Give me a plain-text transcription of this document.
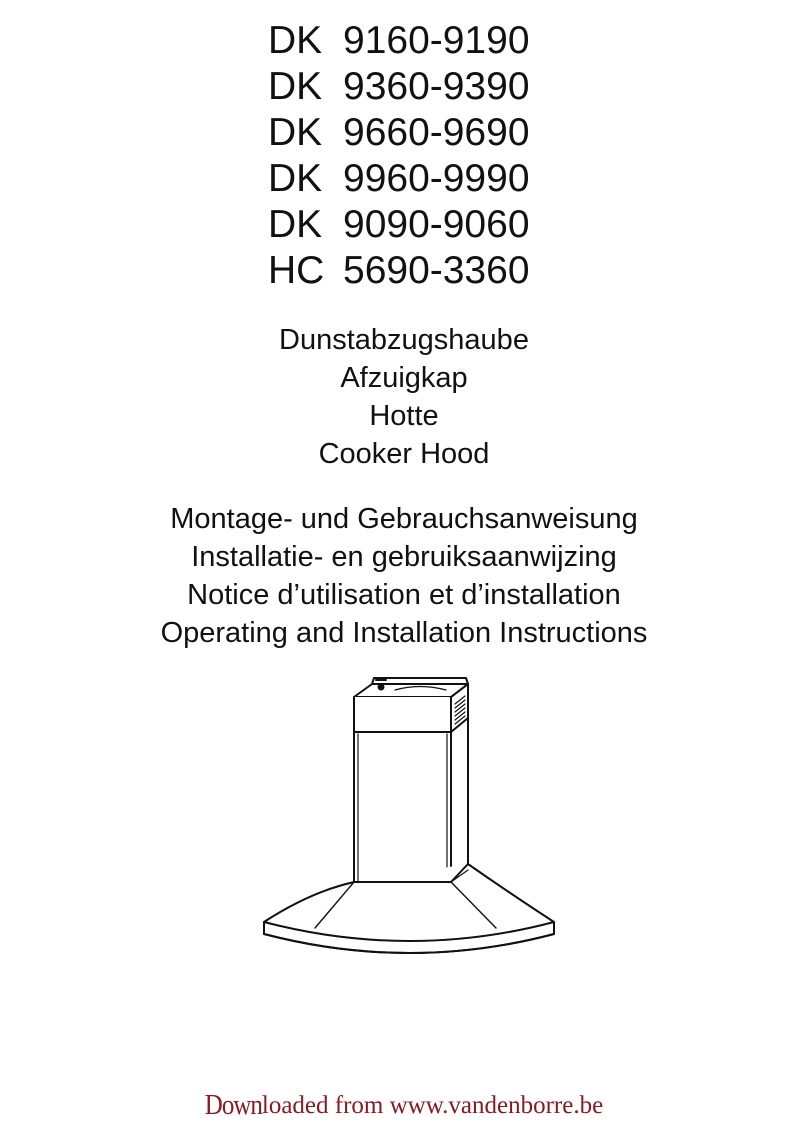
DK 9160-9190
DK 9360-9390
DK 9660-9690
DK 9960-9990
DK 9090-9060
HC 5690-3360
Dunstabzugshaube
Afzuigkap
Hotte
Cooker Hood
Montage- und Gebrauchsanweisung
Installatie- en gebruiksaanwijzing
Notice d’utilisation et d’installation
Operating and Installation Instructions
Downloaded from www.vandenborre.be
